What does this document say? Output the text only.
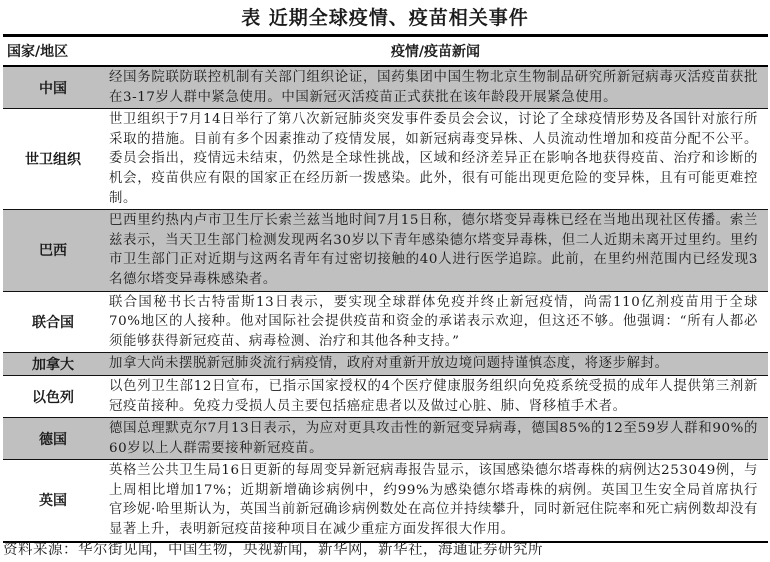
表 近期全球疫情、疫苗相关事件
国家/地区	疫情/疫苗新闻
中国
经国务院联防联控机制有关部门组织论证，国药集团中国生物北京生物制品研究所新冠病毒灭活疫苗获批在3-17岁人群中紧急使用。中国新冠灭活疫苗正式获批在该年龄段开展紧急使用。
世卫组织
世卫组织于7月14日举行了第八次新冠肺炎突发事件委员会会议，讨论了全球疫情形势及各国针对旅行所采取的措施。目前有多个因素推动了疫情发展，如新冠病毒变异株、人员流动性增加和疫苗分配不公平。委员会指出，疫情远未结束，仍然是全球性挑战，区域和经济差异正在影响各地获得疫苗、治疗和诊断的机会，疫苗供应有限的国家正在经历新一拨感染。此外，很有可能出现更危险的变异株，且有可能更难控制。
巴西
巴西里约热内卢市卫生厅长索兰兹当地时间7月15日称，德尔塔变异毒株已经在当地出现社区传播。索兰兹表示，当天卫生部门检测发现两名30岁以下青年感染德尔塔变异毒株，但二人近期未离开过里约。里约市卫生部门正对近期与这两名青年有过密切接触的40人进行医学追踪。此前，在里约州范围内已经发现3名德尔塔变异毒株感染者。
联合国
联合国秘书长古特雷斯13日表示，要实现全球群体免疫并终止新冠疫情，尚需110亿剂疫苗用于全球70%地区的人接种。他对国际社会提供疫苗和资金的承诺表示欢迎，但这还不够。他强调：“所有人都必须能够获得新冠疫苗、病毒检测、治疗和其他各种支持。”
加拿大	加拿大尚未摆脱新冠肺炎流行病疫情，政府对重新开放边境问题持谨慎态度，将逐步解封。
以色列
以色列卫生部12日宣布，已指示国家授权的4个医疗健康服务组织向免疫系统受损的成年人提供第三剂新冠疫苗接种。免疫力受损人员主要包括癌症患者以及做过心脏、肺、肾移植手术者。
德国
德国总理默克尔7月13日表示，为应对更具攻击性的新冠变异病毒，德国85%的12至59岁人群和90%的60岁以上人群需要接种新冠疫苗。
英国
英格兰公共卫生局16日更新的每周变异新冠病毒报告显示，该国感染德尔塔毒株的病例达253049例，与上周相比增加17%；近期新增确诊病例中，约99%为感染德尔塔毒株的病例。英国卫生安全局首席执行官珍妮·哈里斯认为，英国当前新冠确诊病例数处在高位并持续攀升，同时新冠住院率和死亡病例数却没有显著上升，表明新冠疫苗接种项目在减少重症方面发挥很大作用。
资料来源：华尔街见闻，中国生物，央视新闻，新华网，新华社，海通证券研究所
